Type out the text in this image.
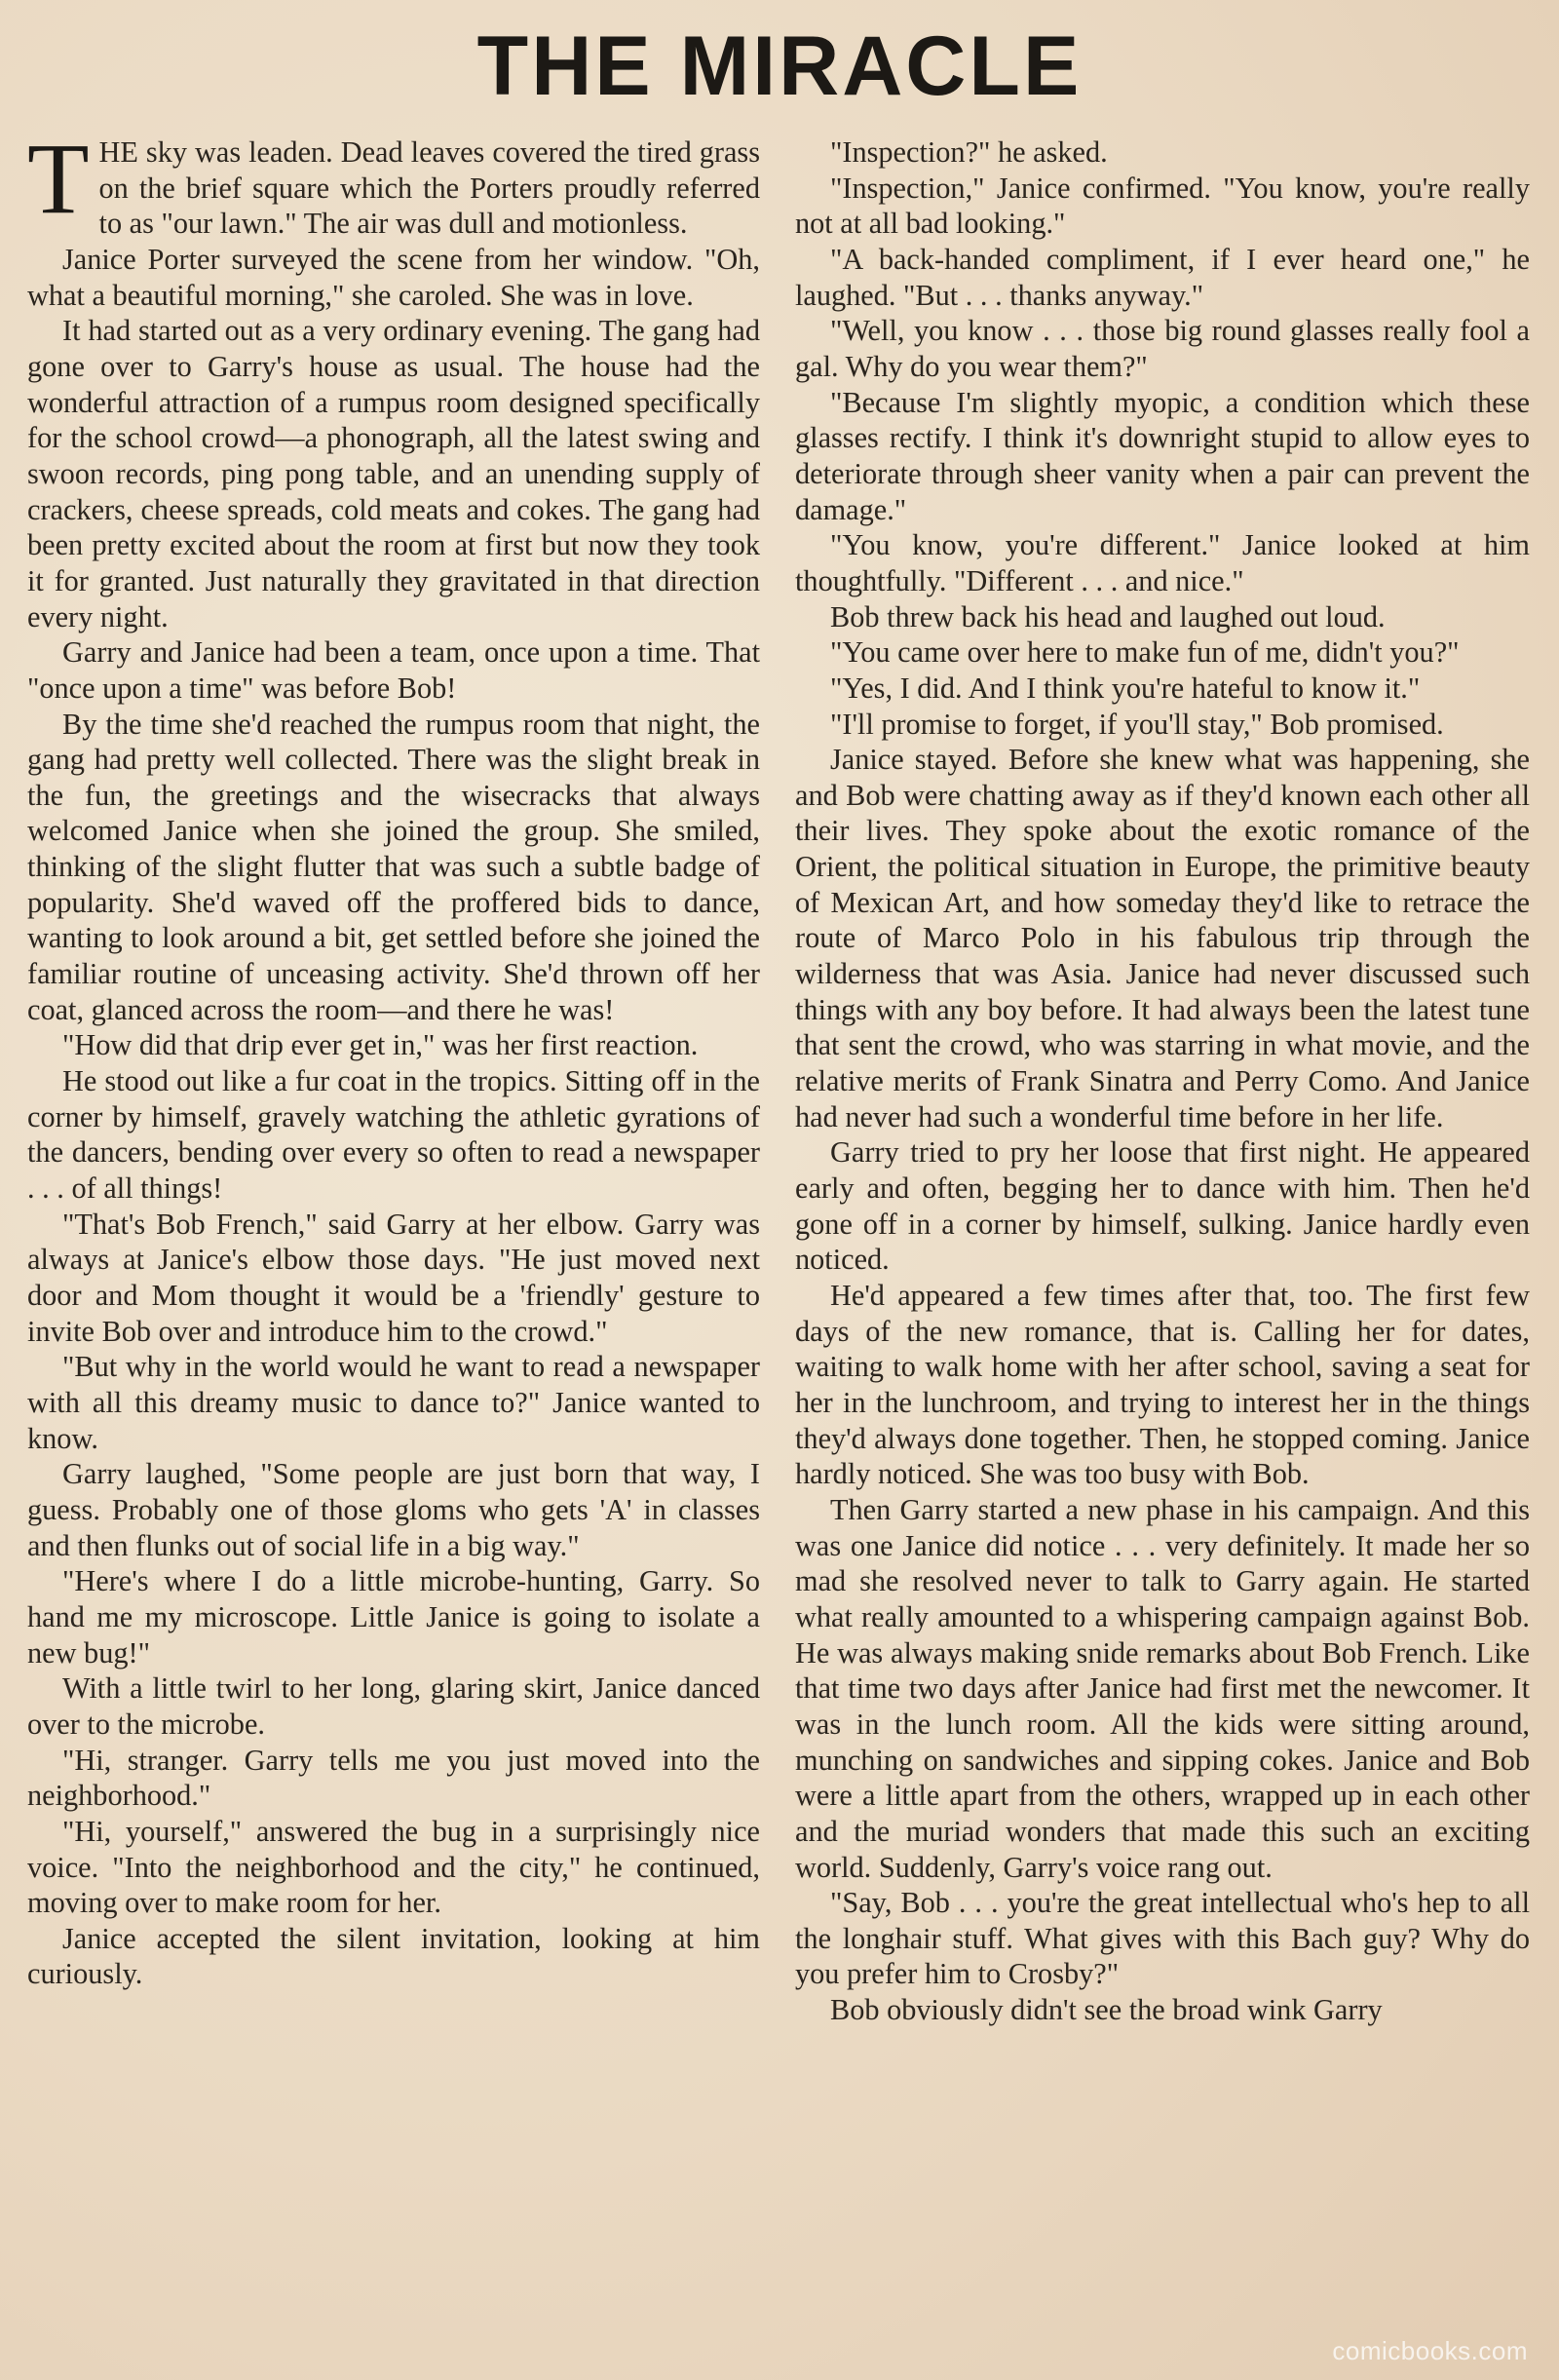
THE MIRACLE

THE sky was leaden. Dead leaves covered the tired grass on the brief square which the Porters proudly referred to as "our lawn." The air was dull and motionless.

Janice Porter surveyed the scene from her window. "Oh, what a beautiful morning," she caroled. She was in love.

It had started out as a very ordinary evening. The gang had gone over to Garry's house as usual. The house had the wonderful attraction of a rumpus room designed specifically for the school crowd—a phonograph, all the latest swing and swoon records, ping pong table, and an unending supply of crackers, cheese spreads, cold meats and cokes. The gang had been pretty excited about the room at first but now they took it for granted. Just naturally they gravitated in that direction every night.

Garry and Janice had been a team, once upon a time. That "once upon a time" was before Bob!

By the time she'd reached the rumpus room that night, the gang had pretty well collected. There was the slight break in the fun, the greetings and the wisecracks that always welcomed Janice when she joined the group. She smiled, thinking of the slight flutter that was such a subtle badge of popularity. She'd waved off the proffered bids to dance, wanting to look around a bit, get settled before she joined the familiar routine of unceasing activity. She'd thrown off her coat, glanced across the room—and there he was!

"How did that drip ever get in," was her first reaction.

He stood out like a fur coat in the tropics. Sitting off in the corner by himself, gravely watching the athletic gyrations of the dancers, bending over every so often to read a newspaper . . . of all things!

"That's Bob French," said Garry at her elbow. Garry was always at Janice's elbow those days. "He just moved next door and Mom thought it would be a 'friendly' gesture to invite Bob over and introduce him to the crowd."

"But why in the world would he want to read a newspaper with all this dreamy music to dance to?" Janice wanted to know.

Garry laughed, "Some people are just born that way, I guess. Probably one of those gloms who gets 'A' in classes and then flunks out of social life in a big way."

"Here's where I do a little microbe-hunting, Garry. So hand me my microscope. Little Janice is going to isolate a new bug!"

With a little twirl to her long, glaring skirt, Janice danced over to the microbe.

"Hi, stranger. Garry tells me you just moved into the neighborhood."

"Hi, yourself," answered the bug in a surprisingly nice voice. "Into the neighborhood and the city," he continued, moving over to make room for her.

Janice accepted the silent invitation, looking at him curiously.

"Inspection?" he asked.

"Inspection," Janice confirmed. "You know, you're really not at all bad looking."

"A back-handed compliment, if I ever heard one," he laughed. "But . . . thanks anyway."

"Well, you know . . . those big round glasses really fool a gal. Why do you wear them?"

"Because I'm slightly myopic, a condition which these glasses rectify. I think it's downright stupid to allow eyes to deteriorate through sheer vanity when a pair can prevent the damage."

"You know, you're different." Janice looked at him thoughtfully. "Different . . . and nice."

Bob threw back his head and laughed out loud.

"You came over here to make fun of me, didn't you?"

"Yes, I did. And I think you're hateful to know it."

"I'll promise to forget, if you'll stay," Bob promised.

Janice stayed. Before she knew what was happening, she and Bob were chatting away as if they'd known each other all their lives. They spoke about the exotic romance of the Orient, the political situation in Europe, the primitive beauty of Mexican Art, and how someday they'd like to retrace the route of Marco Polo in his fabulous trip through the wilderness that was Asia. Janice had never discussed such things with any boy before. It had always been the latest tune that sent the crowd, who was starring in what movie, and the relative merits of Frank Sinatra and Perry Como. And Janice had never had such a wonderful time before in her life.

Garry tried to pry her loose that first night. He appeared early and often, begging her to dance with him. Then he'd gone off in a corner by himself, sulking. Janice hardly even noticed.

He'd appeared a few times after that, too. The first few days of the new romance, that is. Calling her for dates, waiting to walk home with her after school, saving a seat for her in the lunchroom, and trying to interest her in the things they'd always done together. Then, he stopped coming. Janice hardly noticed. She was too busy with Bob.

Then Garry started a new phase in his campaign. And this was one Janice did notice . . . very definitely. It made her so mad she resolved never to talk to Garry again. He started what really amounted to a whispering campaign against Bob. He was always making snide remarks about Bob French. Like that time two days after Janice had first met the newcomer. It was in the lunch room. All the kids were sitting around, munching on sandwiches and sipping cokes. Janice and Bob were a little apart from the others, wrapped up in each other and the muriad wonders that made this such an exciting world. Suddenly, Garry's voice rang out.

"Say, Bob . . . you're the great intellectual who's hep to all the longhair stuff. What gives with this Bach guy? Why do you prefer him to Crosby?"

Bob obviously didn't see the broad wink Garry

comicbooks.com
